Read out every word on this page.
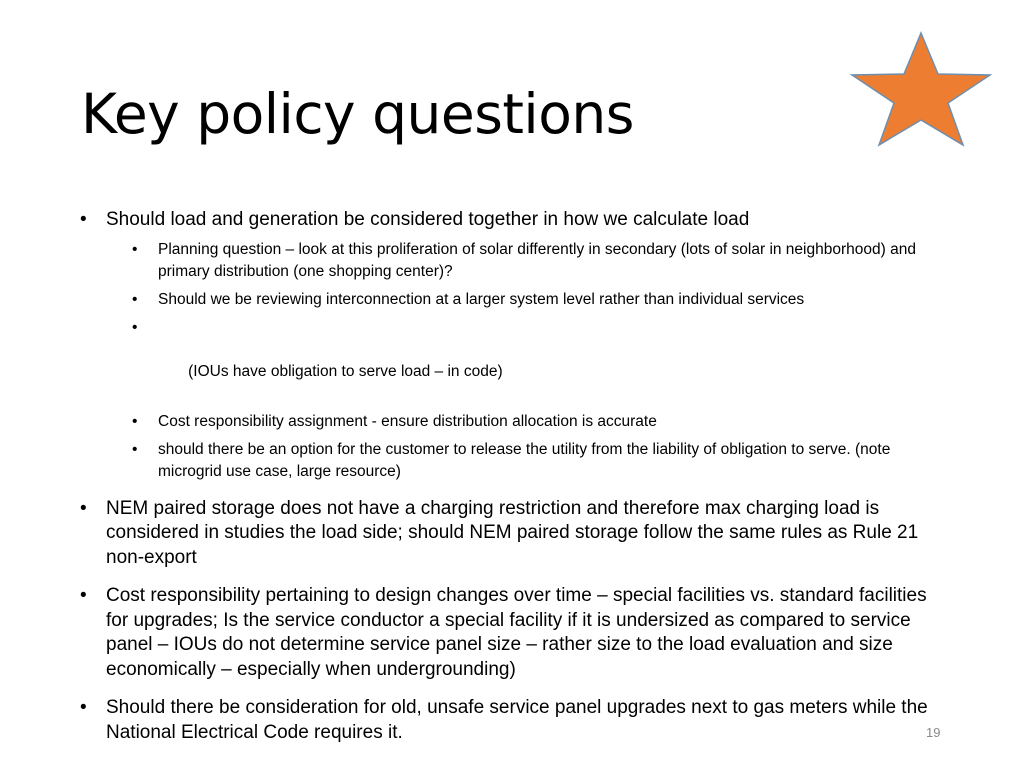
Key policy questions
• Should load and generation be considered together in how we calculate load
• Planning question – look at this proliferation of solar differently in secondary (lots of solar in neighborhood) and primary distribution (one shopping center)?
• Should we be reviewing interconnection at a larger system level rather than individual services

•

(IOUs have obligation to serve load – in code)

• Cost responsibility assignment - ensure distribution allocation is accurate
• should there be an option for the customer to release the utility from the liability of obligation to serve. (note microgrid use case, large resource)
• NEM paired storage does not have a charging restriction and therefore max charging load is considered in studies the load side; should NEM paired storage follow the same rules as Rule 21 non-export
• Cost responsibility pertaining to design changes over time – special facilities vs. standard facilities for upgrades; Is the service conductor a special facility if it is undersized as compared to service panel – IOUs do not determine service panel size – rather size to the load evaluation and size economically – especially when undergrounding)
• Should there be consideration for old, unsafe service panel upgrades next to gas meters while the National Electrical Code requires it.	19
